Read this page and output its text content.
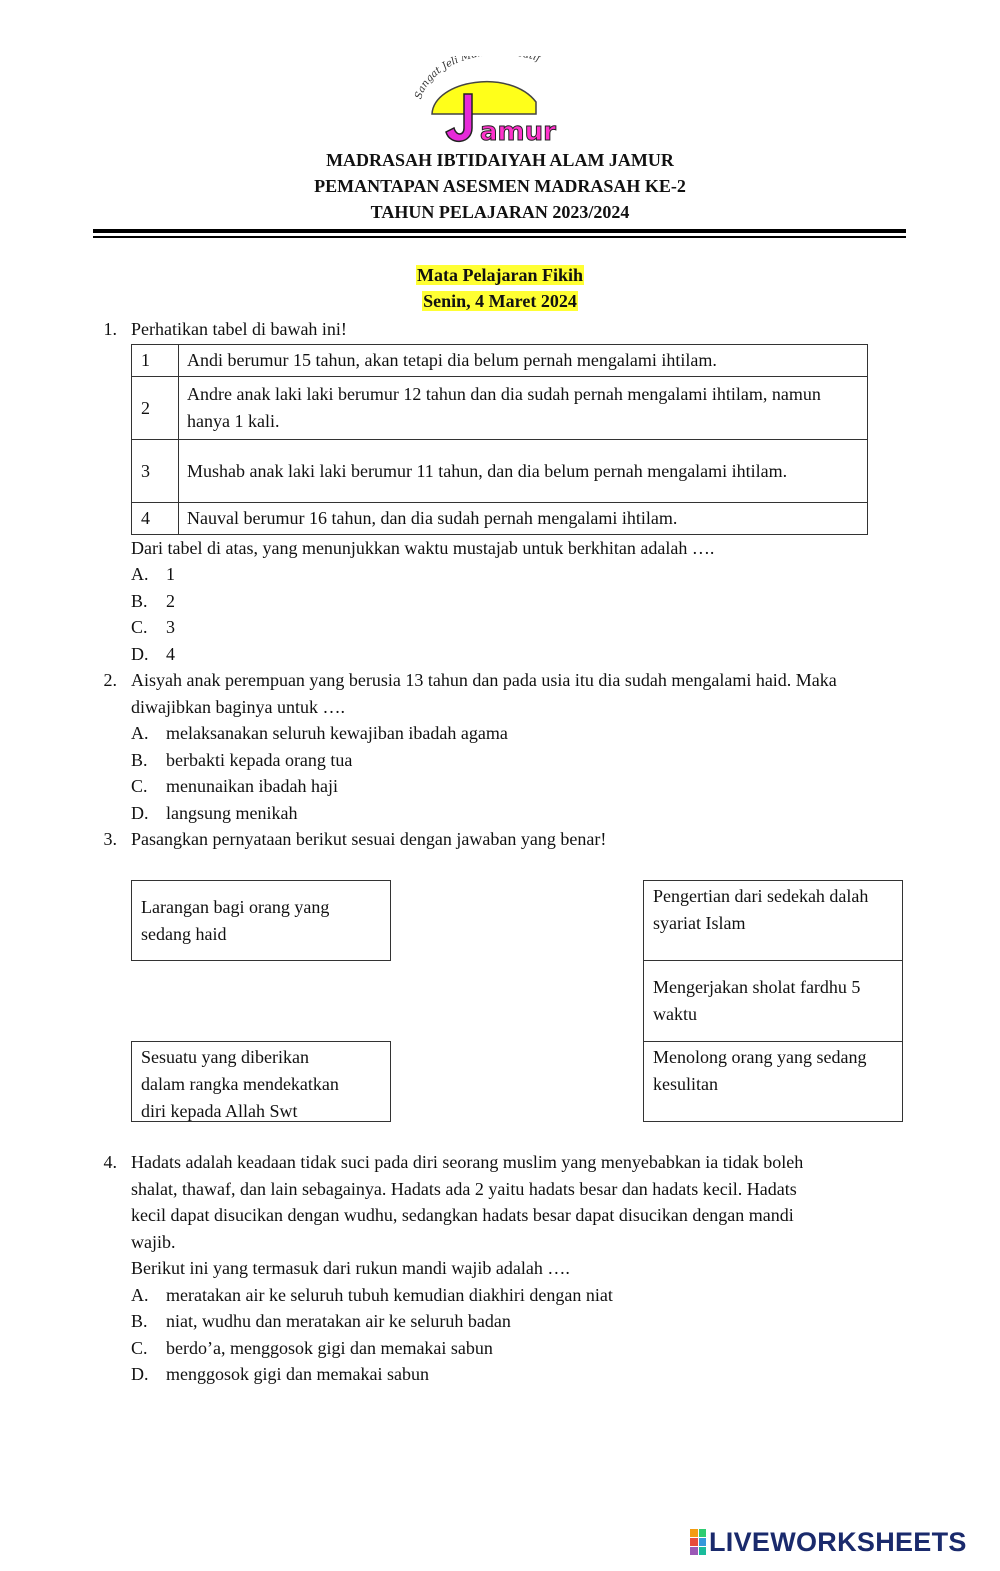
Sangat Jeli M tif
amur
MADRASAH IBTIDAIYAH ALAM JAMUR
PEMANTAPAN ASESMEN MADRASAH KE-2
TAHUN PELAJARAN 2023/2024
Mata Pelajaran Fikih
Senin, 4 Maret 2024
1. Perhatikan tabel di bawah ini!
1	Andi berumur 15 tahun, akan tetapi dia belum pernah mengalami ihtilam.
2	Andre anak laki laki berumur 12 tahun dan dia sudah pernah mengalami ihtilam, namun hanya 1 kali.
3	Mushab anak laki laki berumur 11 tahun, dan dia belum pernah mengalami ihtilam.
4	Nauval berumur 16 tahun, dan dia sudah pernah mengalami ihtilam.
Dari tabel di atas, yang menunjukkan waktu mustajab untuk berkhitan adalah ….
A. 1
B. 2
C. 3
D. 4
2. Aisyah anak perempuan yang berusia 13 tahun dan pada usia itu dia sudah mengalami haid. Maka
diwajibkan baginya untuk ….
A. melaksanakan seluruh kewajiban ibadah agama
B. berbakti kepada orang tua
C. menunaikan ibadah haji
D. langsung menikah
3. Pasangkan pernyataan berikut sesuai dengan jawaban yang benar!
Larangan bagi orang yang
sedang haid
Sesuatu yang diberikan
dalam rangka mendekatkan
diri kepada Allah Swt
Pengertian dari sedekah dalah
syariat Islam
Mengerjakan sholat fardhu 5
waktu
Menolong orang yang sedang
kesulitan
4. Hadats adalah keadaan tidak suci pada diri seorang muslim yang menyebabkan ia tidak boleh
shalat, thawaf, dan lain sebagainya. Hadats ada 2 yaitu hadats besar dan hadats kecil. Hadats
kecil dapat disucikan dengan wudhu, sedangkan hadats besar dapat disucikan dengan mandi
wajib.
Berikut ini yang termasuk dari rukun mandi wajib adalah ….
A. meratakan air ke seluruh tubuh kemudian diakhiri dengan niat
B. niat, wudhu dan meratakan air ke seluruh badan
C. berdo’a, menggosok gigi dan memakai sabun
D. menggosok gigi dan memakai sabun
LIVEWORKSHEETS
